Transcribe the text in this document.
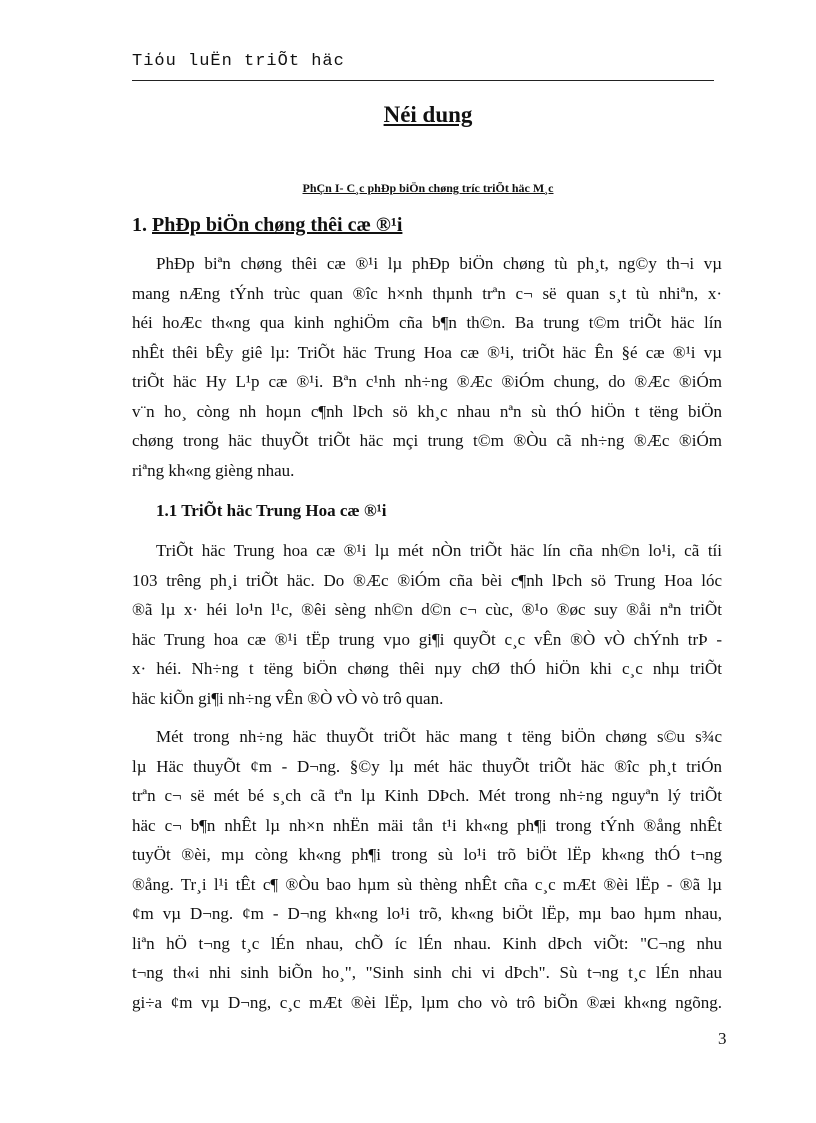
Tiόu luËn triÕt häc
Néi dung
PhÇn I- C¸c phÐp biÖn chøng tríc triÕt häc M¸c
1. PhÐp biÖn chøng thêi cæ ®¹i
PhÐp biªn chøng thêi cæ ®¹i lµ phÐp biÖn chøng tù ph¸t, ng©y th¬i vµ
mang nÆng tÝnh trùc quan ®îc h×nh thµnh trªn c¬ së quan s¸t tù nhiªn, x·
héi hoÆc th«ng qua kinh nghiÖm cña b¶n th©n. Ba trung t©m triÕt häc lín
nhÊt thêi bÊy giê lµ: TriÕt häc Trung Hoa cæ ®¹i, triÕt häc Ên §é cæ ®¹i vµ
triÕt häc Hy L¹p cæ ®¹i. Bªn c¹nh nh÷ng ®Æc ®iÓm chung, do ®Æc ®iÓm
v¨n ho¸ còng nh hoµn c¶nh lÞch sö kh¸c nhau nªn sù thÓ hiÖn t tëng biÖn
chøng trong häc thuyÕt triÕt häc mçi trung t©m ®Òu cã nh÷ng ®Æc ®iÓm
riªng kh«ng gièng nhau.
1.1 TriÕt häc Trung Hoa cæ ®¹i
TriÕt häc Trung hoa cæ ®¹i lµ mét nÒn triÕt häc lín cña nh©n lo¹i, cã tíi
103 trêng ph¸i triÕt häc. Do ®Æc ®iÓm cña bèi c¶nh lÞch sö Trung Hoa lóc
®ã lµ x· héi lo¹n l¹c, ®êi sèng nh©n d©n c¬ cùc, ®¹o ®øc suy ®åi nªn triÕt
häc Trung hoa cæ ®¹i tËp trung vµo gi¶i quyÕt c¸c vÊn ®Ò vÒ chÝnh trÞ -
x· héi. Nh÷ng t tëng biÖn chøng thêi nµy chØ thÓ hiÖn khi c¸c nhµ triÕt
häc kiÕn gi¶i nh÷ng vÊn ®Ò vÒ vò trô quan.
Mét trong nh÷ng häc thuyÕt triÕt häc mang t tëng biÖn chøng s©u s¾c
lµ Häc thuyÕt ¢m - D¬ng. §©y lµ mét häc thuyÕt triÕt häc ®îc ph¸t triÓn
trªn c¬ së mét bé s¸ch cã tªn lµ Kinh DÞch. Mét trong nh÷ng nguyªn lý triÕt
häc c¬ b¶n nhÊt lµ nh×n nhËn mäi tån t¹i kh«ng ph¶i trong tÝnh ®ång nhÊt
tuyÖt ®èi, mµ còng kh«ng ph¶i trong sù lo¹i trõ biÖt lËp kh«ng thÓ t¬ng
®ång. Tr¸i l¹i tÊt c¶ ®Òu bao hµm sù thèng nhÊt cña c¸c mÆt ®èi lËp - ®ã lµ
¢m vµ D¬ng. ¢m - D¬ng kh«ng lo¹i trõ, kh«ng biÖt lËp, mµ bao hµm nhau,
liªn hÖ t¬ng t¸c lÉn nhau, chÕ íc lÉn nhau. Kinh dÞch viÕt: "C¬ng nhu
t¬ng th«i nhi sinh biÕn ho¸", "Sinh sinh chi vi dÞch". Sù t¬ng t¸c lÉn nhau
gi÷a ¢m vµ D¬ng, c¸c mÆt ®èi lËp, lµm cho vò trô biÕn ®æi kh«ng ngõng.
3
